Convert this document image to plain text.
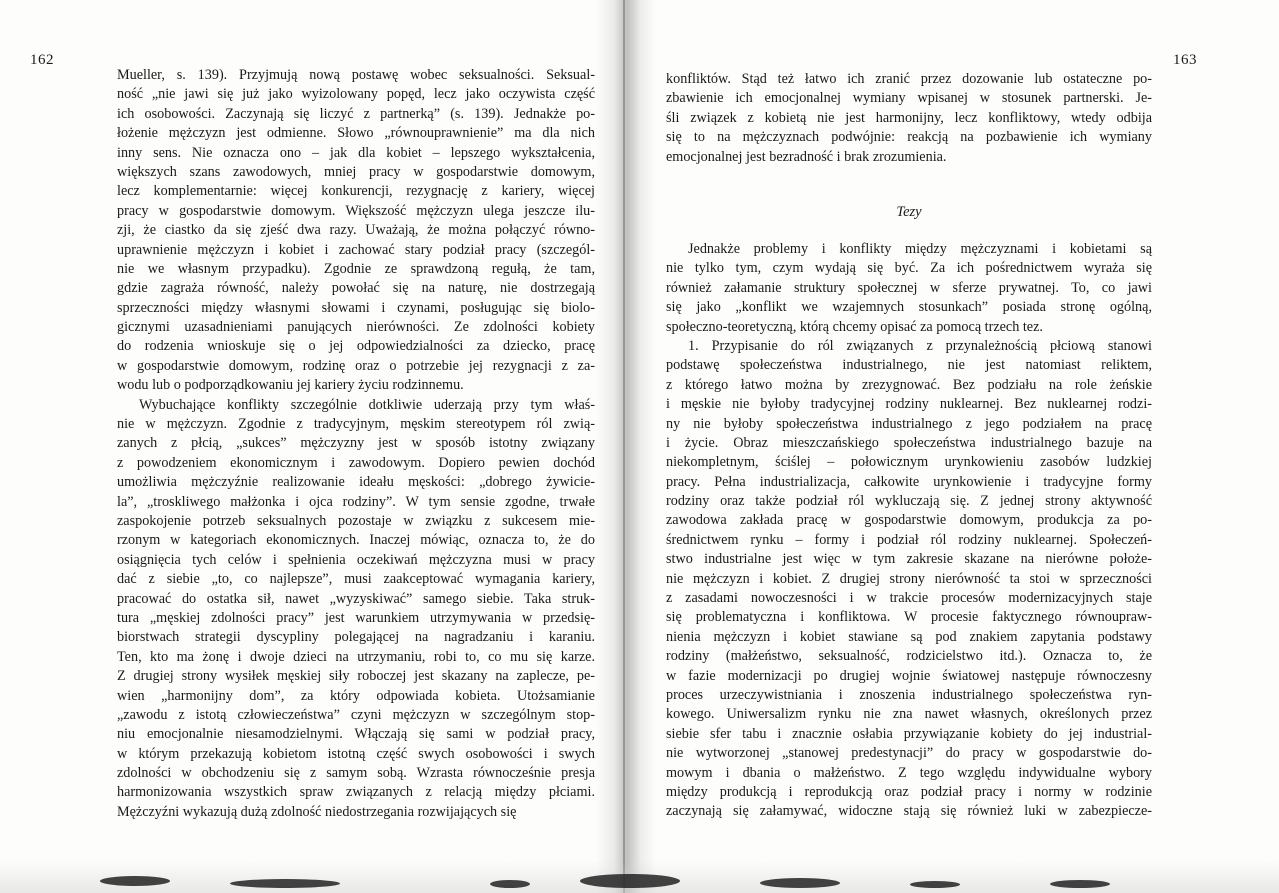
162	163
Mueller, s. 139). Przyjmują nową postawę wobec seksualności. Seksual-
ność „nie jawi się już jako wyizolowany popęd, lecz jako oczywista część
ich osobowości. Zaczynają się liczyć z partnerką” (s. 139). Jednakże po-
łożenie mężczyzn jest odmienne. Słowo „równouprawnienie” ma dla nich
inny sens. Nie oznacza ono – jak dla kobiet – lepszego wykształcenia,
większych szans zawodowych, mniej pracy w gospodarstwie domowym,
lecz komplementarnie: więcej konkurencji, rezygnację z kariery, więcej
pracy w gospodarstwie domowym. Większość mężczyzn ulega jeszcze ilu-
zji, że ciastko da się zjeść dwa razy. Uważają, że można połączyć równo-
uprawnienie mężczyzn i kobiet i zachować stary podział pracy (szczegól-
nie we własnym przypadku). Zgodnie ze sprawdzoną regułą, że tam,
gdzie zagraża równość, należy powołać się na naturę, nie dostrzegają
sprzeczności między własnymi słowami i czynami, posługując się biolo-
gicznymi uzasadnieniami panujących nierówności. Ze zdolności kobiety
do rodzenia wnioskuje się o jej odpowiedzialności za dziecko, pracę
w gospodarstwie domowym, rodzinę oraz o potrzebie jej rezygnacji z za-
wodu lub o podporządkowaniu jej kariery życiu rodzinnemu.
Wybuchające konflikty szczególnie dotkliwie uderzają przy tym właś-
nie w mężczyzn. Zgodnie z tradycyjnym, męskim stereotypem ról zwią-
zanych z płcią, „sukces” mężczyzny jest w sposób istotny związany
z powodzeniem ekonomicznym i zawodowym. Dopiero pewien dochód
umożliwia mężczyźnie realizowanie ideału męskości: „dobrego żywicie-
la”, „troskliwego małżonka i ojca rodziny”. W tym sensie zgodne, trwałe
zaspokojenie potrzeb seksualnych pozostaje w związku z sukcesem mie-
rzonym w kategoriach ekonomicznych. Inaczej mówiąc, oznacza to, że do
osiągnięcia tych celów i spełnienia oczekiwań mężczyzna musi w pracy
dać z siebie „to, co najlepsze”, musi zaakceptować wymagania kariery,
pracować do ostatka sił, nawet „wyzyskiwać” samego siebie. Taka struk-
tura „męskiej zdolności pracy” jest warunkiem utrzymywania w przedsię-
biorstwach strategii dyscypliny polegającej na nagradzaniu i karaniu.
Ten, kto ma żonę i dwoje dzieci na utrzymaniu, robi to, co mu się karze.
Z drugiej strony wysiłek męskiej siły roboczej jest skazany na zaplecze, pe-
wien „harmonijny dom”, za który odpowiada kobieta. Utożsamianie
„zawodu z istotą człowieczeństwa” czyni mężczyzn w szczególnym stop-
niu emocjonalnie niesamodzielnymi. Włączają się sami w podział pracy,
w którym przekazują kobietom istotną część swych osobowości i swych
zdolności w obchodzeniu się z samym sobą. Wzrasta równocześnie presja
harmonizowania wszystkich spraw związanych z relacją między płciami.
Mężczyźni wykazują dużą zdolność niedostrzegania rozwijających się
konfliktów. Stąd też łatwo ich zranić przez dozowanie lub ostateczne po-
zbawienie ich emocjonalnej wymiany wpisanej w stosunek partnerski. Je-
śli związek z kobietą nie jest harmonijny, lecz konfliktowy, wtedy odbija
się to na mężczyznach podwójnie: reakcją na pozbawienie ich wymiany
emocjonalnej jest bezradność i brak zrozumienia.
Tezy
Jednakże problemy i konflikty między mężczyznami i kobietami są
nie tylko tym, czym wydają się być. Za ich pośrednictwem wyraża się
również załamanie struktury społecznej w sferze prywatnej. To, co jawi
się jako „konflikt we wzajemnych stosunkach” posiada stronę ogólną,
społeczno-teoretyczną, którą chcemy opisać za pomocą trzech tez.
1. Przypisanie do ról związanych z przynależnością płciową stanowi
podstawę społeczeństwa industrialnego, nie jest natomiast reliktem,
z którego łatwo można by zrezygnować. Bez podziału na role żeńskie
i męskie nie byłoby tradycyjnej rodziny nuklearnej. Bez nuklearnej rodzi-
ny nie byłoby społeczeństwa industrialnego z jego podziałem na pracę
i życie. Obraz mieszczańskiego społeczeństwa industrialnego bazuje na
niekompletnym, ściślej – połowicznym urynkowieniu zasobów ludzkiej
pracy. Pełna industrializacja, całkowite urynkowienie i tradycyjne formy
rodziny oraz także podział ról wykluczają się. Z jednej strony aktywność
zawodowa zakłada pracę w gospodarstwie domowym, produkcja za po-
średnictwem rynku – formy i podział ról rodziny nuklearnej. Społeczeń-
stwo industrialne jest więc w tym zakresie skazane na nierówne położe-
nie mężczyzn i kobiet. Z drugiej strony nierówność ta stoi w sprzeczności
z zasadami nowoczesności i w trakcie procesów modernizacyjnych staje
się problematyczna i konfliktowa. W procesie faktycznego równoupraw-
nienia mężczyzn i kobiet stawiane są pod znakiem zapytania podstawy
rodziny (małżeństwo, seksualność, rodzicielstwo itd.). Oznacza to, że
w fazie modernizacji po drugiej wojnie światowej następuje równoczesny
proces urzeczywistniania i znoszenia industrialnego społeczeństwa ryn-
kowego. Uniwersalizm rynku nie zna nawet własnych, określonych przez
siebie sfer tabu i znacznie osłabia przywiązanie kobiety do jej industrial-
nie wytworzonej „stanowej predestynacji” do pracy w gospodarstwie do-
mowym i dbania o małżeństwo. Z tego względu indywidualne wybory
między produkcją i reprodukcją oraz podział pracy i normy w rodzinie
zaczynają się załamywać, widoczne stają się również luki w zabezpiecze-
